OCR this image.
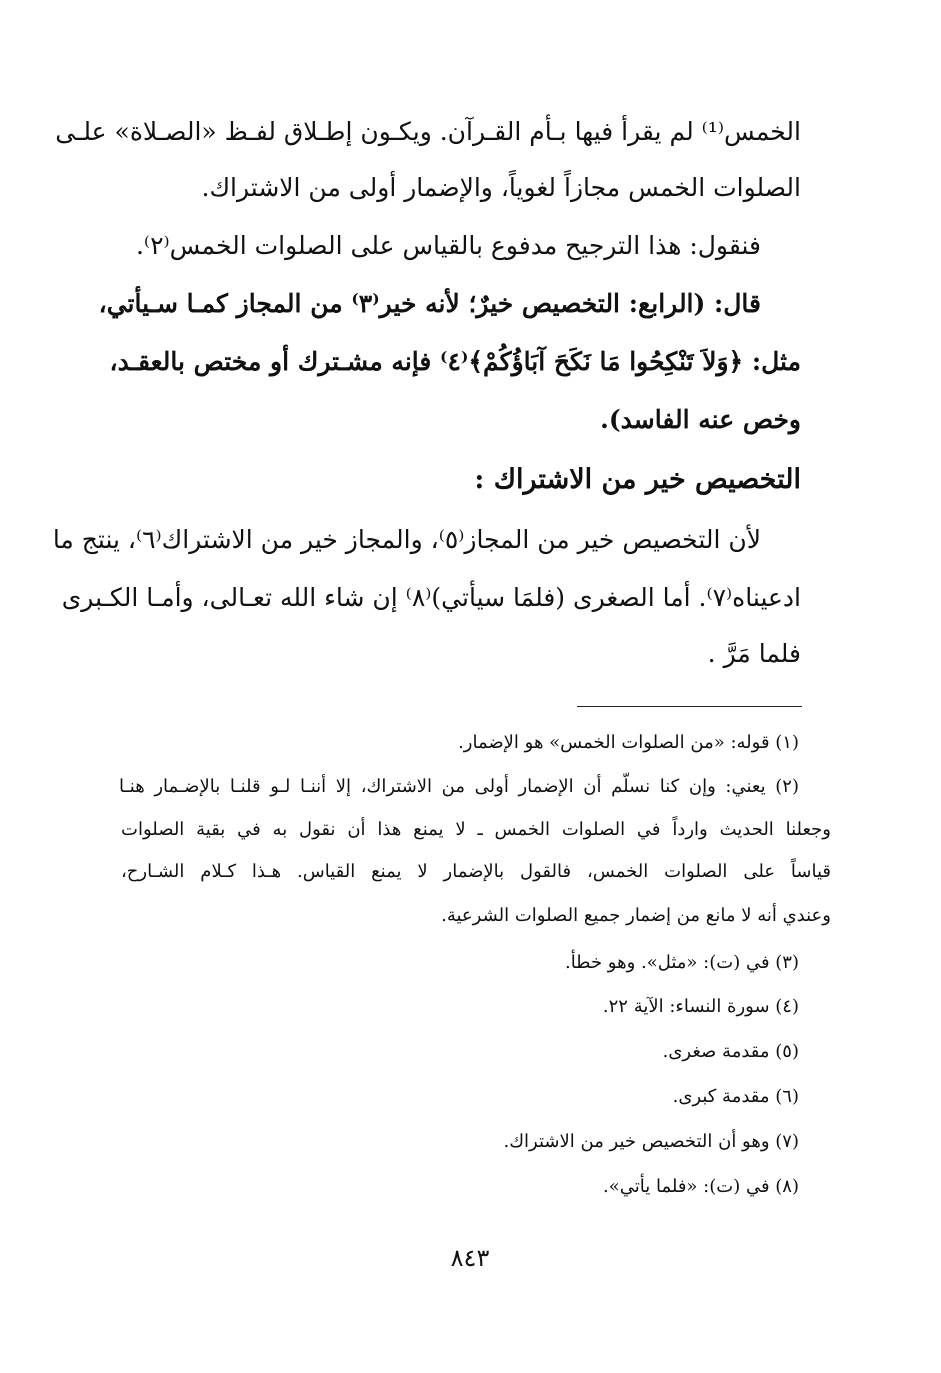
الخمس⁽¹⁾ لم يقرأ فيها بـأم القـرآن. ويكـون إطـلاق لفـظ «الصـلاة» علـى
الصلوات الخمس مجازاً لغوياً، والإضمار أولى من الاشتراك.
فنقول: هذا الترجيح مدفوع بالقياس على الصلوات الخمس⁽٢⁾.
قال: (الرابع: التخصيص خيرٌ؛ لأنه خير⁽٣⁾ من المجاز كمـا سـيأتي،
مثل: ﴿وَلاَ تَنْكِحُوا مَا نَكَحَ آبَاؤُكُمْ﴾⁽٤⁾ فإنه مشـترك أو مختص بالعقـد،
وخص عنه الفاسد).
التخصيص خير من الاشتراك :
لأن التخصيص خير من المجاز⁽٥⁾، والمجاز خير من الاشتراك⁽٦⁾، ينتج ما
ادعيناه⁽٧⁾. أما الصغرى (فلمَا سيأتي)⁽٨⁾ إن شاء الله تعـالى، وأمـا الكـبرى
فلما مَرَّ .
(١) قوله: «من الصلوات الخمس» هو الإضمار.
(٢) يعني: وإن كنا نسلّم أن الإضمار أولى من الاشتراك، إلا أننـا لـو قلنـا بالإضـمار هنـا
وجعلنا الحديث وارداً في الصلوات الخمس ـ لا يمنع هذا أن نقول به في بقية الصلوات
قياساً على الصلوات الخمس، فالقول بالإضمار لا يمنع القياس. هـذا كـلام الشـارح،
وعندي أنه لا مانع من إضمار جميع الصلوات الشرعية.
(٣) في (ت): «مثل». وهو خطأ.
(٤) سورة النساء: الآية ٢٢.
(٥) مقدمة صغرى.
(٦) مقدمة كبرى.
(٧) وهو أن التخصيص خير من الاشتراك.
(٨) في (ت): «فلما يأتي».
٨٤٣
